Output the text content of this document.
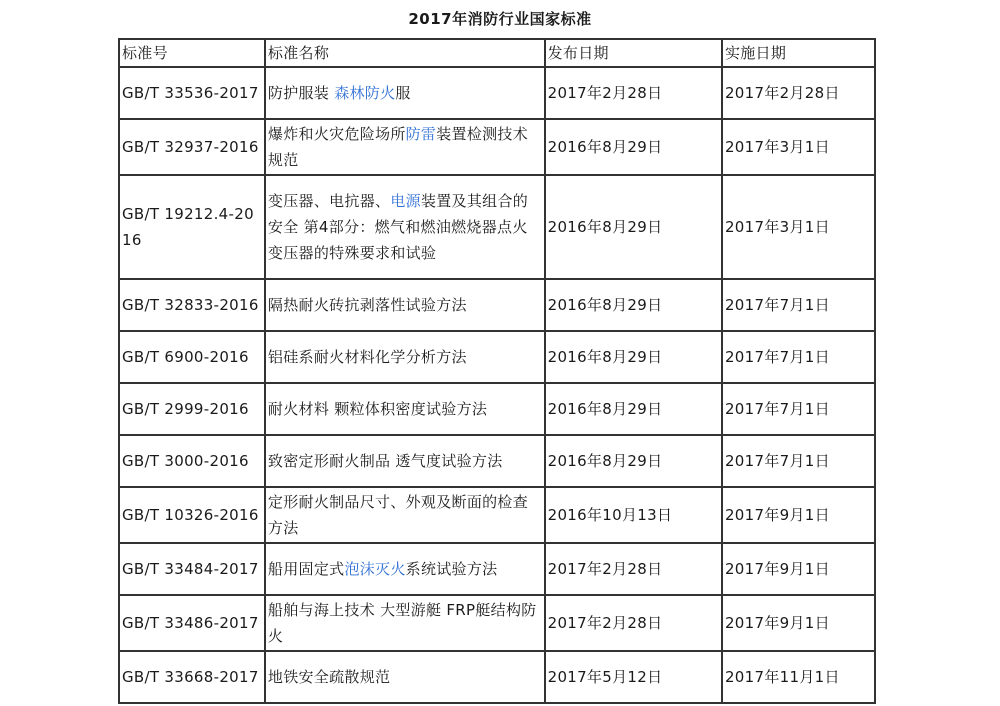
2017年消防行业国家标准
标准号	标准名称	发布日期	实施日期
GB/T 33536-2017	防护服装 森林防火服	2017年2月28日	2017年2月28日
GB/T 32937-2016	爆炸和火灾危险场所防雷装置检测技术规范	2016年8月29日	2017年3月1日
GB/T 19212.4-2016	变压器、电抗器、电源装置及其组合的安全 第4部分：燃气和燃油燃烧器点火变压器的特殊要求和试验	2016年8月29日	2017年3月1日
GB/T 32833-2016	隔热耐火砖抗剥落性试验方法	2016年8月29日	2017年7月1日
GB/T 6900-2016	铝硅系耐火材料化学分析方法	2016年8月29日	2017年7月1日
GB/T 2999-2016	耐火材料 颗粒体积密度试验方法	2016年8月29日	2017年7月1日
GB/T 3000-2016	致密定形耐火制品 透气度试验方法	2016年8月29日	2017年7月1日
GB/T 10326-2016	定形耐火制品尺寸、外观及断面的检查方法	2016年10月13日	2017年9月1日
GB/T 33484-2017	船用固定式泡沫灭火系统试验方法	2017年2月28日	2017年9月1日
GB/T 33486-2017	船舶与海上技术 大型游艇 FRP艇结构防火	2017年2月28日	2017年9月1日
GB/T 33668-2017	地铁安全疏散规范	2017年5月12日	2017年11月1日
